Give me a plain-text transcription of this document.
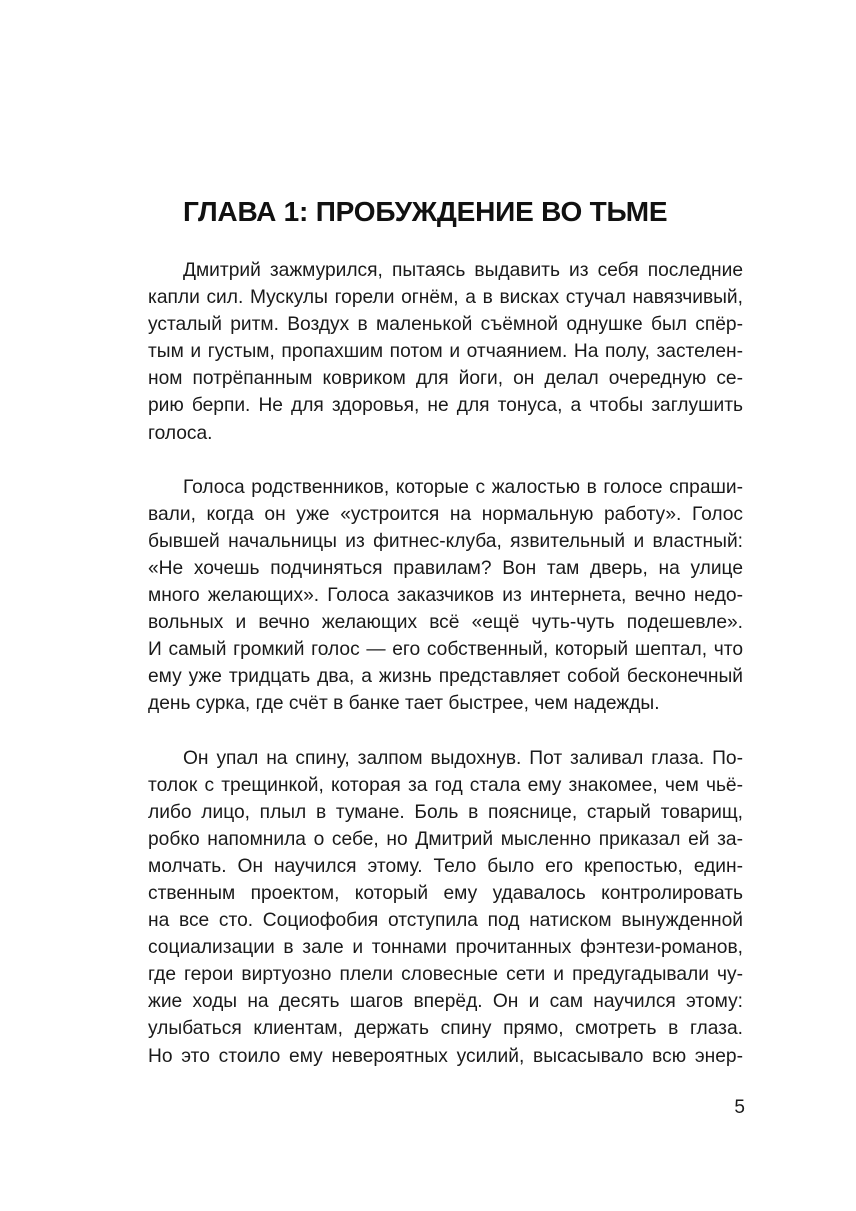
ГЛАВА 1: ПРОБУЖДЕНИЕ ВО ТЬМЕ
Дмитрий зажмурился, пытаясь выдавить из себя последние
капли сил. Мускулы горели огнём, а в висках стучал навязчивый,
усталый ритм. Воздух в маленькой съёмной однушке был спёр-
тым и густым, пропахшим потом и отчаянием. На полу, застелен-
ном потрёпанным ковриком для йоги, он делал очередную се-
рию берпи. Не для здоровья, не для тонуса, а чтобы заглушить
голоса.
Голоса родственников, которые с жалостью в голосе спраши-
вали, когда он уже «устроится на нормальную работу». Голос
бывшей начальницы из фитнес-клуба, язвительный и властный:
«Не хочешь подчиняться правилам? Вон там дверь, на улице
много желающих». Голоса заказчиков из интернета, вечно недо-
вольных и вечно желающих всё «ещё чуть-чуть подешевле».
И самый громкий голос — его собственный, который шептал, что
ему уже тридцать два, а жизнь представляет собой бесконечный
день сурка, где счёт в банке тает быстрее, чем надежды.
Он упал на спину, залпом выдохнув. Пот заливал глаза. По-
толок с трещинкой, которая за год стала ему знакомее, чем чьё-
либо лицо, плыл в тумане. Боль в пояснице, старый товарищ,
робко напомнила о себе, но Дмитрий мысленно приказал ей за-
молчать. Он научился этому. Тело было его крепостью, един-
ственным проектом, который ему удавалось контролировать
на все сто. Социофобия отступила под натиском вынужденной
социализации в зале и тоннами прочитанных фэнтези-романов,
где герои виртуозно плели словесные сети и предугадывали чу-
жие ходы на десять шагов вперёд. Он и сам научился этому:
улыбаться клиентам, держать спину прямо, смотреть в глаза.
Но это стоило ему невероятных усилий, высасывало всю энер-
5
